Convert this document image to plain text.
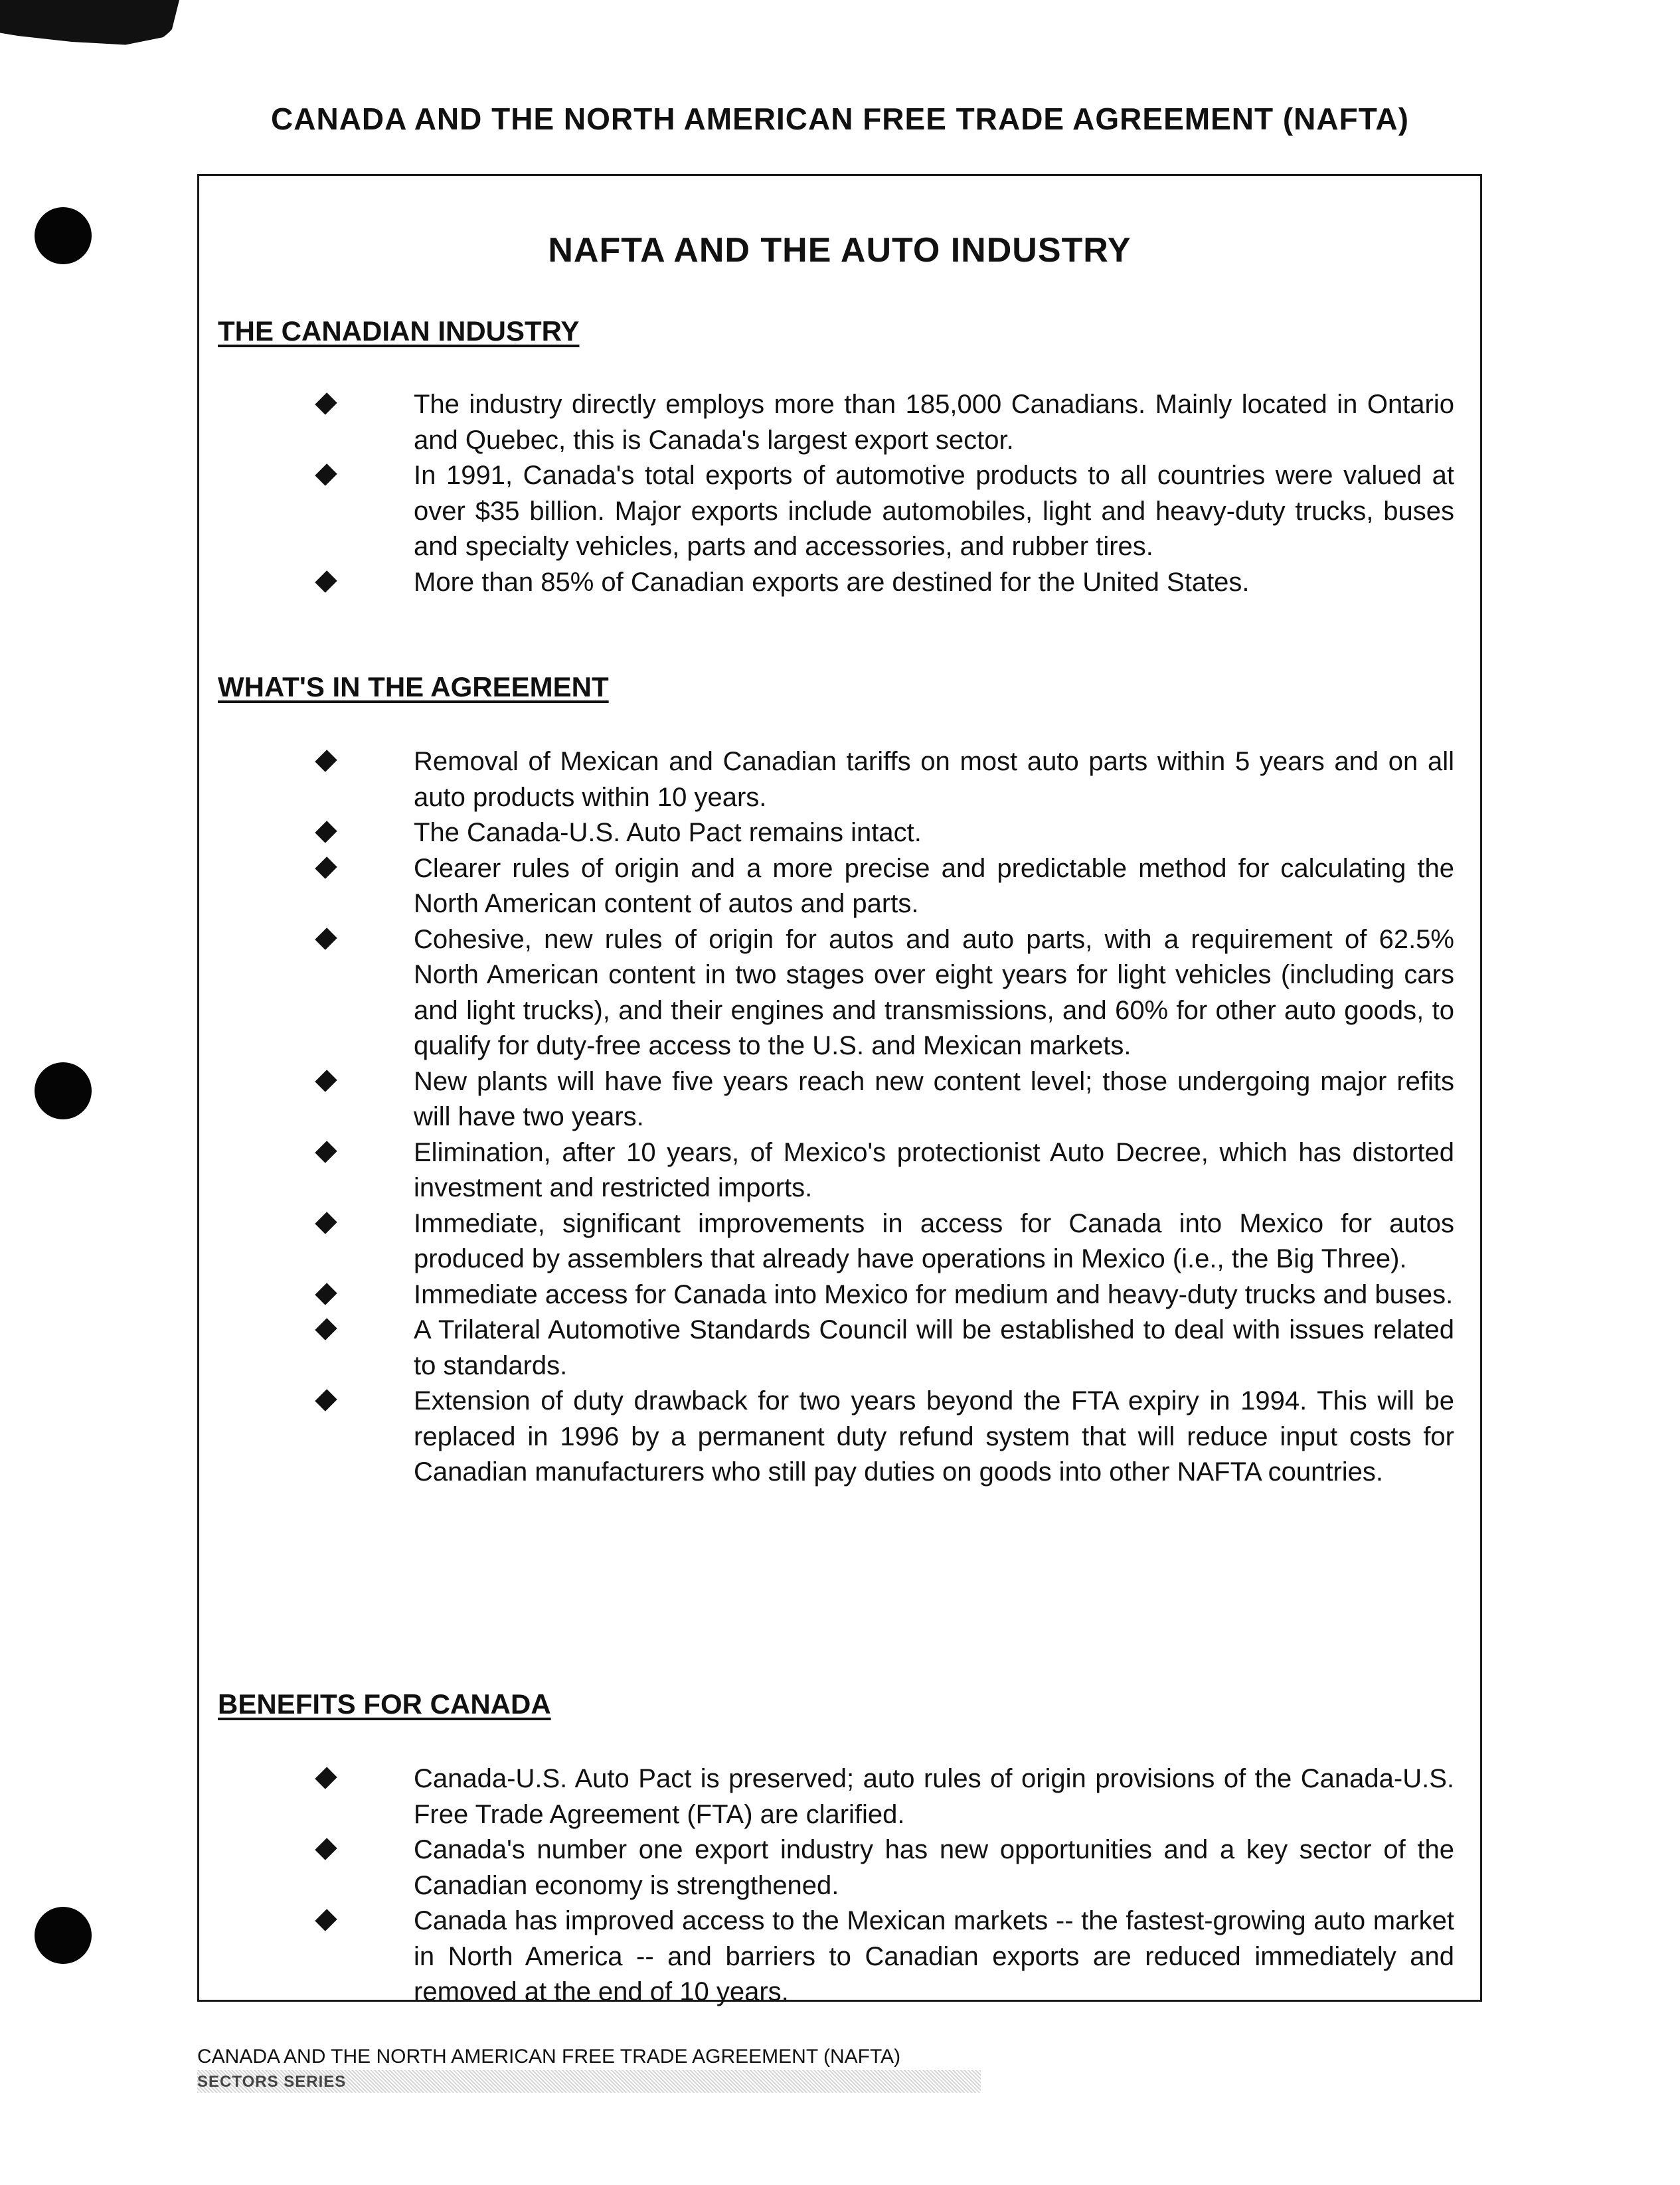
CANADA AND THE NORTH AMERICAN FREE TRADE AGREEMENT (NAFTA)
NAFTA AND THE AUTO INDUSTRY
THE CANADIAN INDUSTRY
The industry directly employs more than 185,000 Canadians. Mainly located in Ontario and Quebec, this is Canada's largest export sector.
In 1991, Canada's total exports of automotive products to all countries were valued at over $35 billion. Major exports include automobiles, light and heavy-duty trucks, buses and specialty vehicles, parts and accessories, and rubber tires.
More than 85% of Canadian exports are destined for the United States.
WHAT'S IN THE AGREEMENT
Removal of Mexican and Canadian tariffs on most auto parts within 5 years and on all auto products within 10 years.
The Canada-U.S. Auto Pact remains intact.
Clearer rules of origin and a more precise and predictable method for calculating the North American content of autos and parts.
Cohesive, new rules of origin for autos and auto parts, with a requirement of 62.5% North American content in two stages over eight years for light vehicles (including cars and light trucks), and their engines and transmissions, and 60% for other auto goods, to qualify for duty-free access to the U.S. and Mexican markets.
New plants will have five years reach new content level; those undergoing major refits will have two years.
Elimination, after 10 years, of Mexico's protectionist Auto Decree, which has distorted investment and restricted imports.
Immediate, significant improvements in access for Canada into Mexico for autos produced by assemblers that already have operations in Mexico (i.e., the Big Three).
Immediate access for Canada into Mexico for medium and heavy-duty trucks and buses.
A Trilateral Automotive Standards Council will be established to deal with issues related to standards.
Extension of duty drawback for two years beyond the FTA expiry in 1994. This will be replaced in 1996 by a permanent duty refund system that will reduce input costs for Canadian manufacturers who still pay duties on goods into other NAFTA countries.
BENEFITS FOR CANADA
Canada-U.S. Auto Pact is preserved; auto rules of origin provisions of the Canada-U.S. Free Trade Agreement (FTA) are clarified.
Canada's number one export industry has new opportunities and a key sector of the Canadian economy is strengthened.
Canada has improved access to the Mexican markets -- the fastest-growing auto market in North America -- and barriers to Canadian exports are reduced immediately and removed at the end of 10 years.
CANADA AND THE NORTH AMERICAN FREE TRADE AGREEMENT (NAFTA)
SECTORS SERIES
